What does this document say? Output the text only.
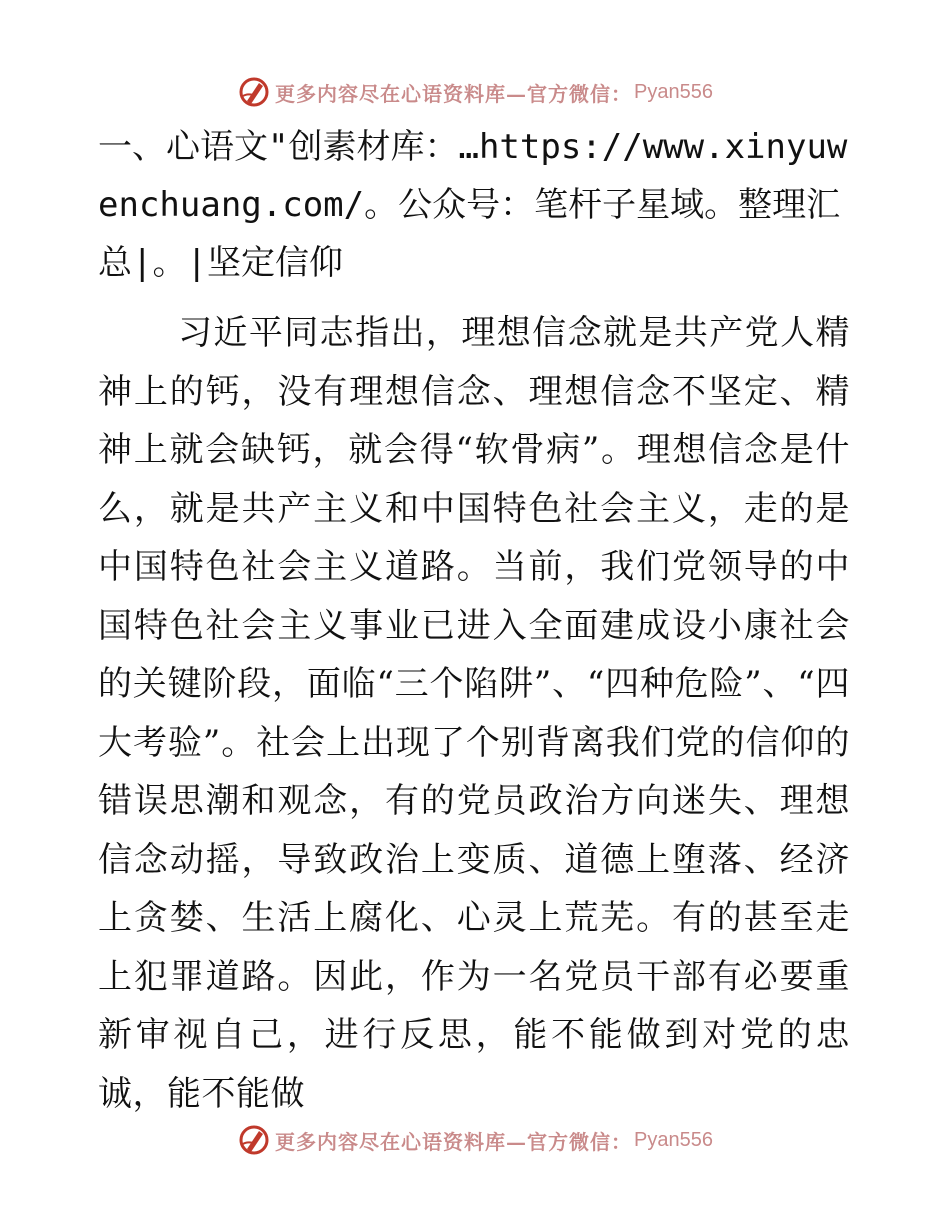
更多内容尽在心语资料库—官方微信： Pyan556

一、心语文"创素材库：…https://www.xinyuwenchuang.com/。公众号：笔杆子星域。整理汇总|。|坚定信仰

习近平同志指出，理想信念就是共产党人精神上的钙，没有理想信念、理想信念不坚定、精神上就会缺钙，就会得“软骨病”。理想信念是什么，就是共产主义和中国特色社会主义，走的是中国特色社会主义道路。当前，我们党领导的中国特色社会主义事业已进入全面建成设小康社会的关键阶段，面临“三个陷阱”、“四种危险”、“四大考验”。社会上出现了个别背离我们党的信仰的错误思潮和观念，有的党员政治方向迷失、理想信念动摇，导致政治上变质、道德上堕落、经济上贪婪、生活上腐化、心灵上荒芜。有的甚至走上犯罪道路。因此，作为一名党员干部有必要重新审视自己，进行反思，能不能做到对党的忠诚，能不能做

更多内容尽在心语资料库—官方微信： Pyan556
